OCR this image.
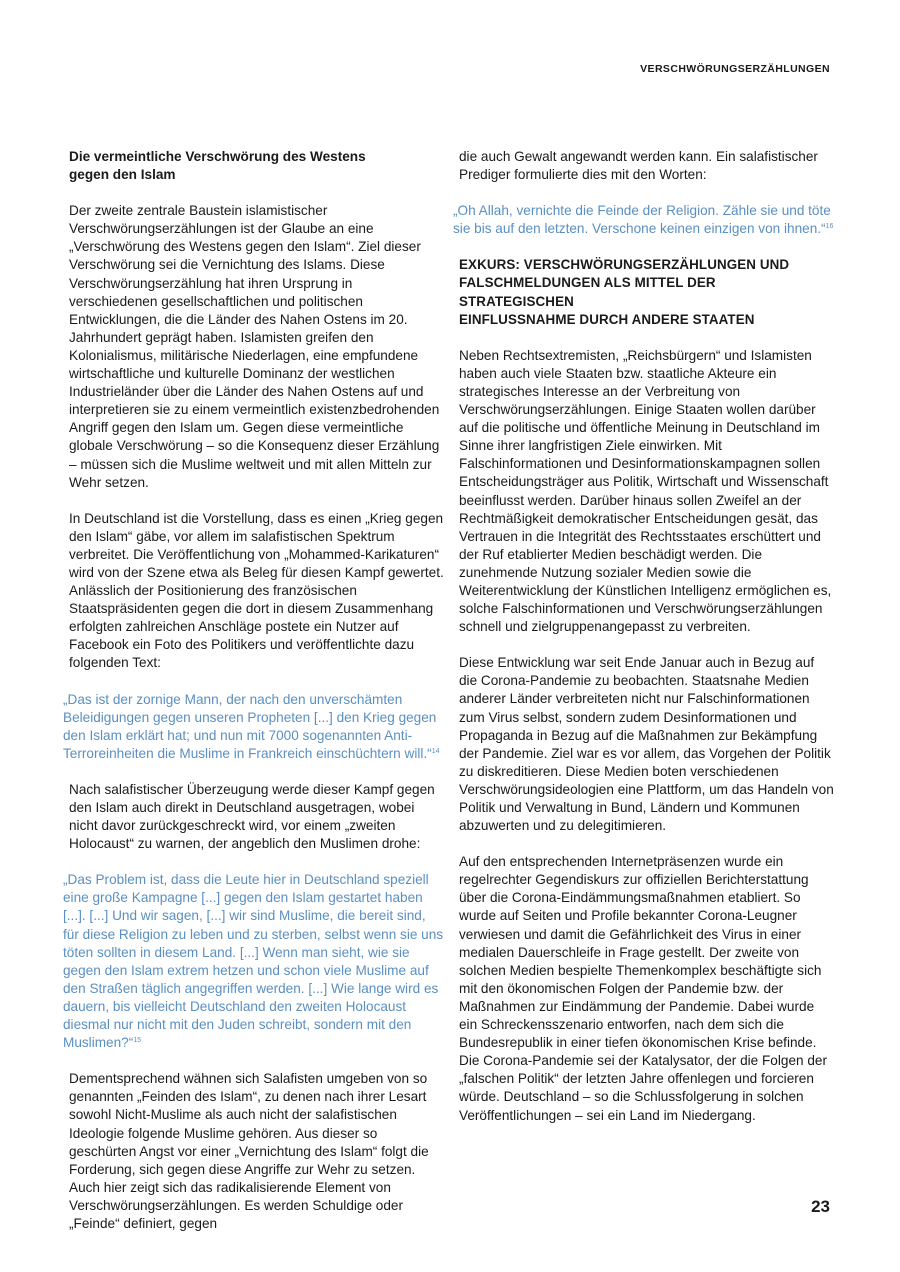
VERSCHWÖRUNGSERZÄHLUNGEN
Die vermeintliche Verschwörung des Westens
gegen den Islam

Der zweite zentrale Baustein islamistischer Verschwörungserzählungen ist der Glaube an eine „Verschwörung des Westens gegen den Islam“. Ziel dieser Verschwörung sei die Vernichtung des Islams. Diese Verschwörungserzählung hat ihren Ursprung in verschiedenen gesellschaftlichen und politischen Entwicklungen, die die Länder des Nahen Ostens im 20. Jahrhundert geprägt haben. Islamisten greifen den Kolonialismus, militärische Niederlagen, eine empfundene wirtschaftliche und kulturelle Dominanz der westlichen Industrieländer über die Länder des Nahen Ostens auf und interpretieren sie zu einem vermeintlich existenzbedrohenden Angriff gegen den Islam um. Gegen diese vermeintliche globale Verschwörung – so die Konsequenz dieser Erzählung – müssen sich die Muslime weltweit und mit allen Mitteln zur Wehr setzen.

In Deutschland ist die Vorstellung, dass es einen „Krieg gegen den Islam“ gäbe, vor allem im salafistischen Spektrum verbreitet. Die Veröffentlichung von „Mohammed-Karikaturen“ wird von der Szene etwa als Beleg für diesen Kampf gewertet. Anlässlich der Positionierung des französischen Staatspräsidenten gegen die dort in diesem Zusammenhang erfolgten zahlreichen Anschläge postete ein Nutzer auf Facebook ein Foto des Politikers und veröffentlichte dazu folgenden Text:

„Das ist der zornige Mann, der nach den unverschämten Beleidigungen gegen unseren Propheten [...] den Krieg gegen den Islam erklärt hat; und nun mit 7000 sogenannten Anti-Terroreinheiten die Muslime in Frankreich einschüchtern will.“$^{14}$

Nach salafistischer Überzeugung werde dieser Kampf gegen den Islam auch direkt in Deutschland ausgetragen, wobei nicht davor zurückgeschreckt wird, vor einem „zweiten Holocaust“ zu warnen, der angeblich den Muslimen drohe:

„Das Problem ist, dass die Leute hier in Deutschland speziell eine große Kampagne [...] gegen den Islam gestartet haben [...]. [...] Und wir sagen, [...] wir sind Muslime, die bereit sind, für diese Religion zu leben und zu sterben, selbst wenn sie uns töten sollten in diesem Land. [...] Wenn man sieht, wie sie gegen den Islam extrem hetzen und schon viele Muslime auf den Straßen täglich angegriffen werden. [...] Wie lange wird es dauern, bis vielleicht Deutschland den zweiten Holocaust diesmal nur nicht mit den Juden schreibt, sondern mit den Muslimen?“$^{15}$

Dementsprechend wähnen sich Salafisten umgeben von so genannten „Feinden des Islam“, zu denen nach ihrer Lesart sowohl Nicht-Muslime als auch nicht der salafistischen Ideologie folgende Muslime gehören. Aus dieser so geschürten Angst vor einer „Vernichtung des Islam“ folgt die Forderung, sich gegen diese Angriffe zur Wehr zu setzen. Auch hier zeigt sich das radikalisierende Element von Verschwörungserzählungen. Es werden Schuldige oder „Feinde“ definiert, gegen

die auch Gewalt angewandt werden kann. Ein salafistischer Prediger formulierte dies mit den Worten:

„Oh Allah, vernichte die Feinde der Religion. Zähle sie und töte sie bis auf den letzten. Verschone keinen einzigen von ihnen.“$^{16}$

EXKURS: VERSCHWÖRUNGSERZÄHLUNGEN UND
FALSCHMELDUNGEN ALS MITTEL DER STRATEGISCHEN
EINFLUSSNAHME DURCH ANDERE STAATEN

Neben Rechtsextremisten, „Reichsbürgern“ und Islamisten haben auch viele Staaten bzw. staatliche Akteure ein strategisches Interesse an der Verbreitung von Verschwörungserzählungen. Einige Staaten wollen darüber auf die politische und öffentliche Meinung in Deutschland im Sinne ihrer langfristigen Ziele einwirken. Mit Falschinformationen und Desinformationskampagnen sollen Entscheidungsträger aus Politik, Wirtschaft und Wissenschaft beeinflusst werden. Darüber hinaus sollen Zweifel an der Rechtmäßigkeit demokratischer Entscheidungen gesät, das Vertrauen in die Integrität des Rechtsstaates erschüttert und der Ruf etablierter Medien beschädigt werden. Die zunehmende Nutzung sozialer Medien sowie die Weiterentwicklung der Künstlichen Intelligenz ermöglichen es, solche Falschinformationen und Verschwörungserzählungen schnell und zielgruppenangepasst zu verbreiten.

Diese Entwicklung war seit Ende Januar auch in Bezug auf die Corona-Pandemie zu beobachten. Staatsnahe Medien anderer Länder verbreiteten nicht nur Falschinformationen zum Virus selbst, sondern zudem Desinformationen und Propaganda in Bezug auf die Maßnahmen zur Bekämpfung der Pandemie. Ziel war es vor allem, das Vorgehen der Politik zu diskreditieren. Diese Medien boten verschiedenen Verschwörungsideologien eine Plattform, um das Handeln von Politik und Verwaltung in Bund, Ländern und Kommunen abzuwerten und zu delegitimieren.

Auf den entsprechenden Internetpräsenzen wurde ein regelrechter Gegendiskurs zur offiziellen Berichterstattung über die Corona-Eindämmungsmaßnahmen etabliert. So wurde auf Seiten und Profile bekannter Corona-Leugner verwiesen und damit die Gefährlichkeit des Virus in einer medialen Dauerschleife in Frage gestellt. Der zweite von solchen Medien bespielte Themenkomplex beschäftigte sich mit den ökonomischen Folgen der Pandemie bzw. der Maßnahmen zur Eindämmung der Pandemie. Dabei wurde ein Schreckensszenario entworfen, nach dem sich die Bundesrepublik in einer tiefen ökonomischen Krise befinde. Die Corona-Pandemie sei der Katalysator, der die Folgen der „falschen Politik“ der letzten Jahre offenlegen und forcieren würde. Deutschland – so die Schlussfolgerung in solchen Veröffentlichungen – sei ein Land im Niedergang.

23
